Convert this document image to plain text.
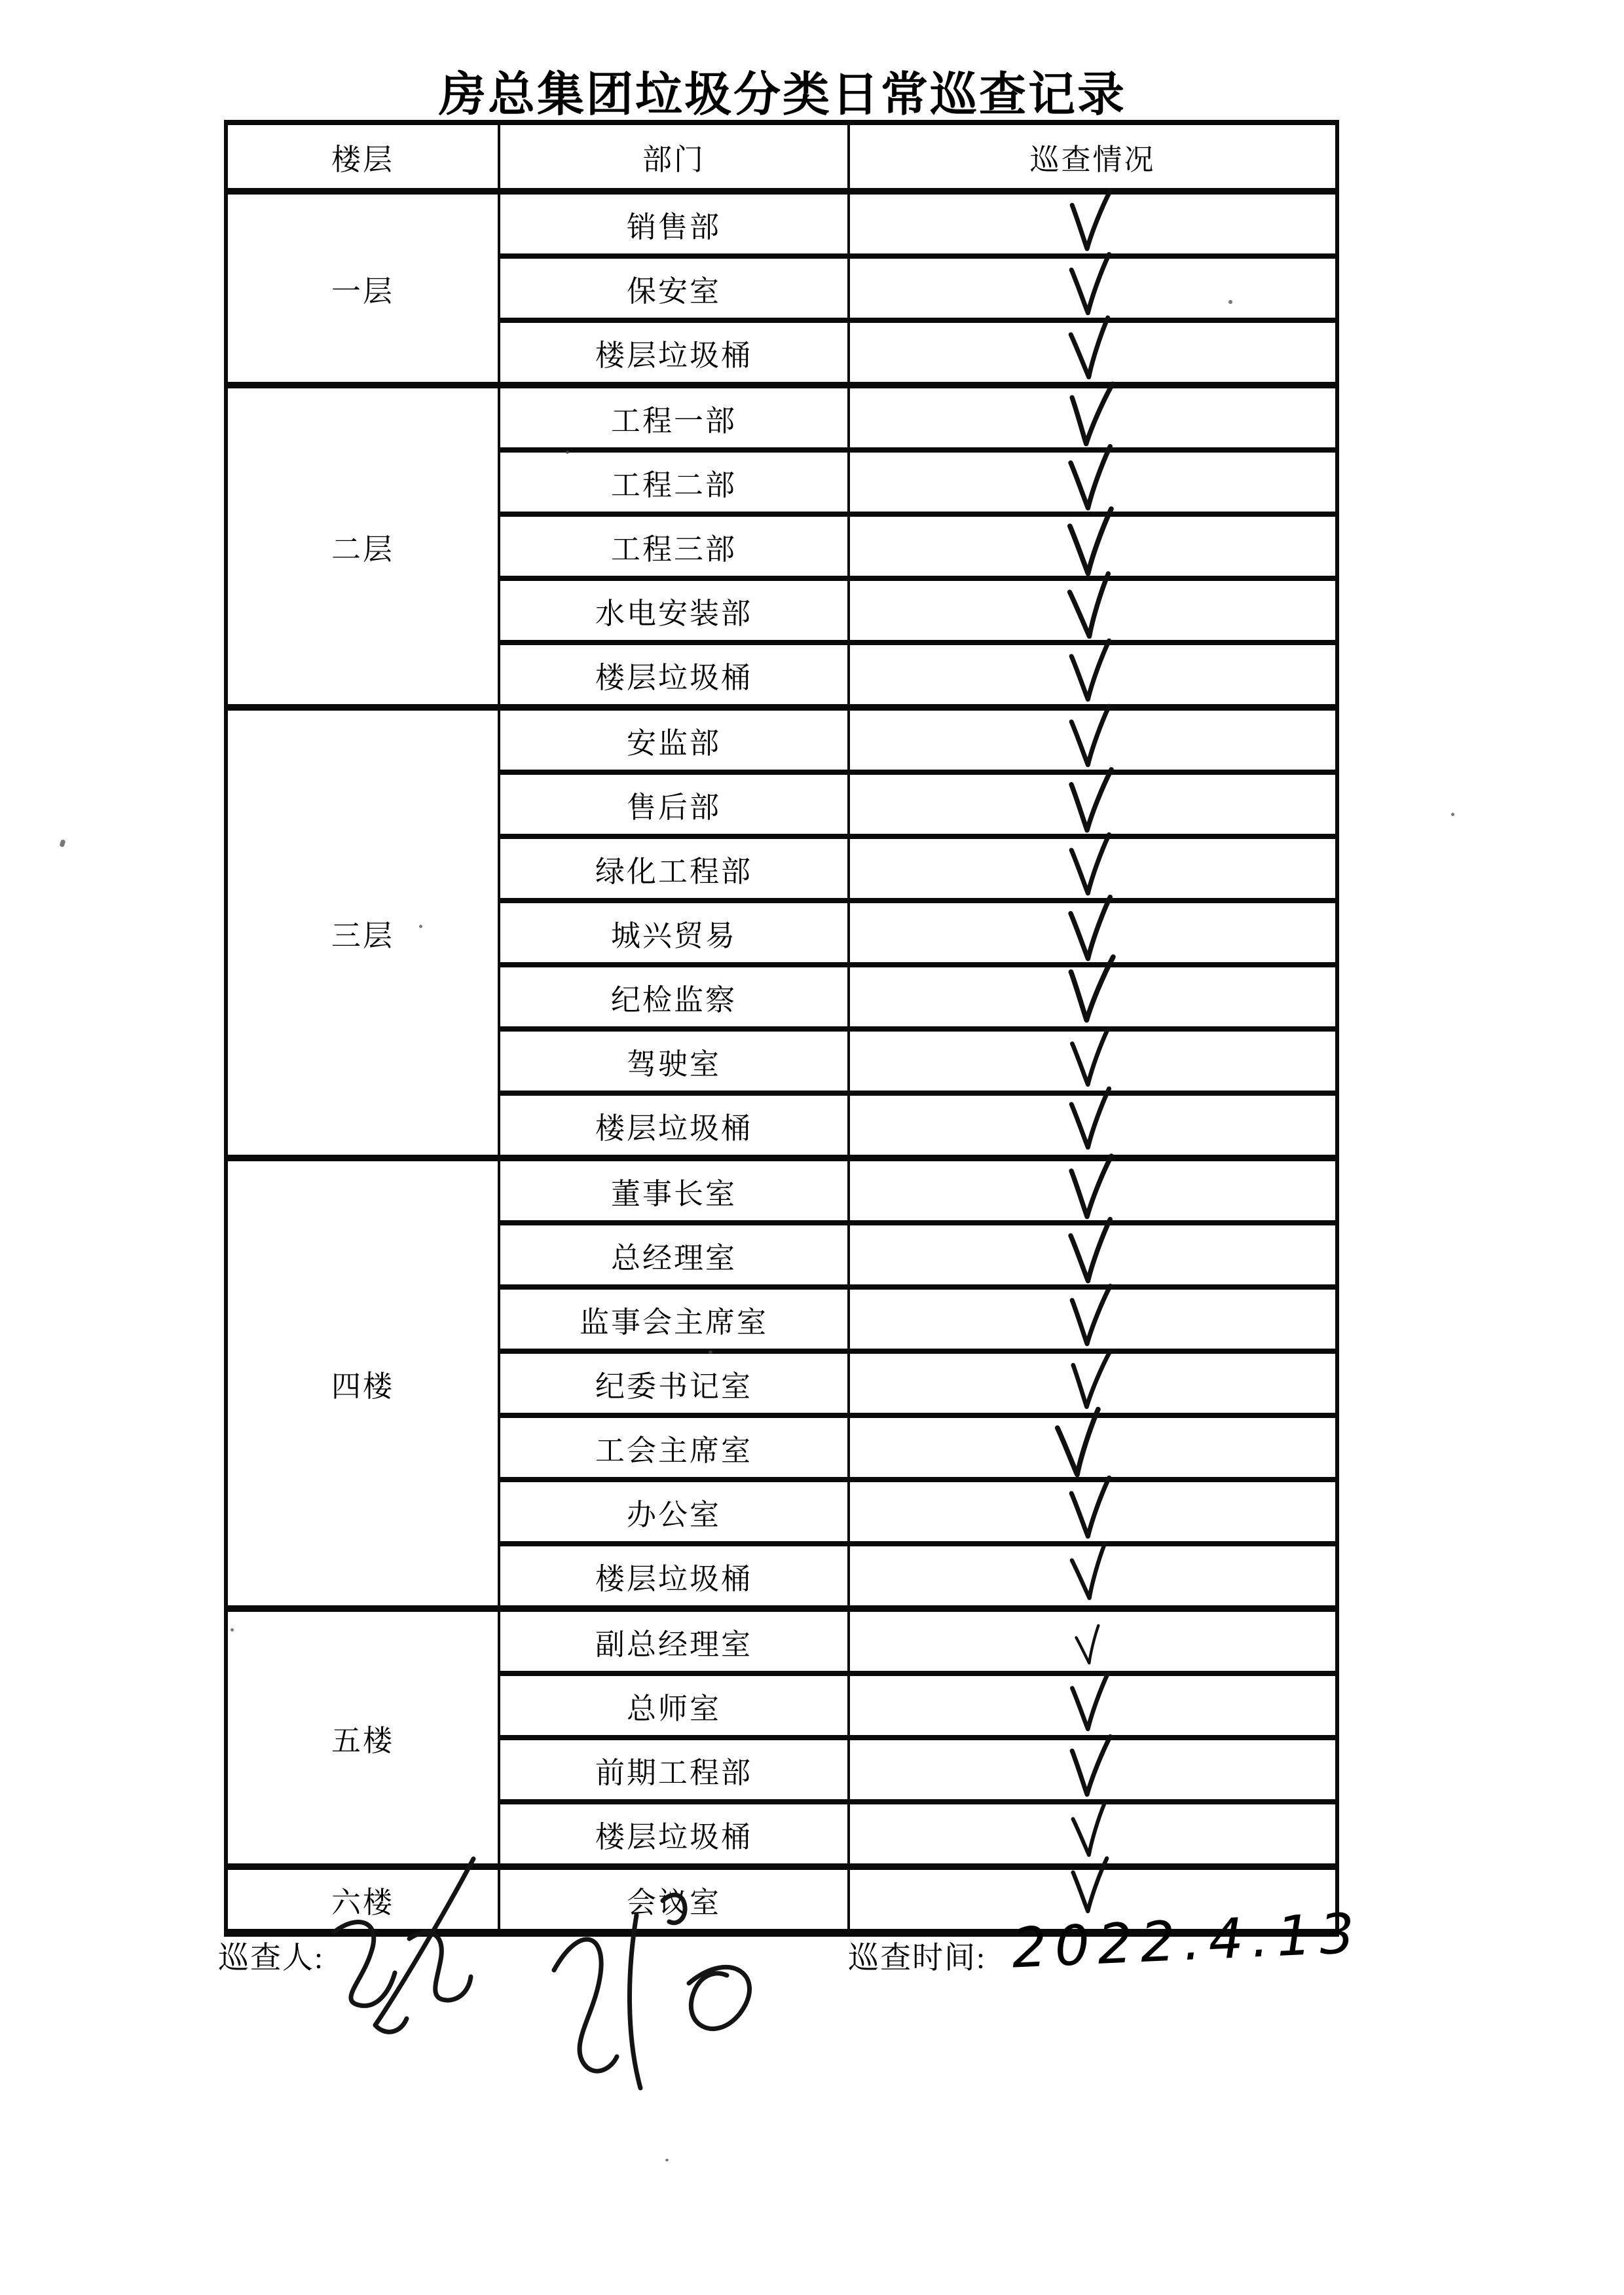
房总集团垃圾分类日常巡查记录
楼层	部门	巡查情况
一层	销售部	

	保安室	

	楼层垃圾桶	

二层	工程一部	

	工程二部	

	工程三部	

	水电安装部	

	楼层垃圾桶	

三层	安监部	

	售后部	

	绿化工程部	

	城兴贸易	

	纪检监察	

	驾驶室	

	楼层垃圾桶	

四楼	董事长室	

	总经理室	

	监事会主席室	

	纪委书记室	

	工会主席室	

	办公室	

	楼层垃圾桶	

五楼	副总经理室	

	总师室	

	前期工程部	

	楼层垃圾桶	

六楼	会议室	
巡查人:	巡查时间: 2022.4.13
